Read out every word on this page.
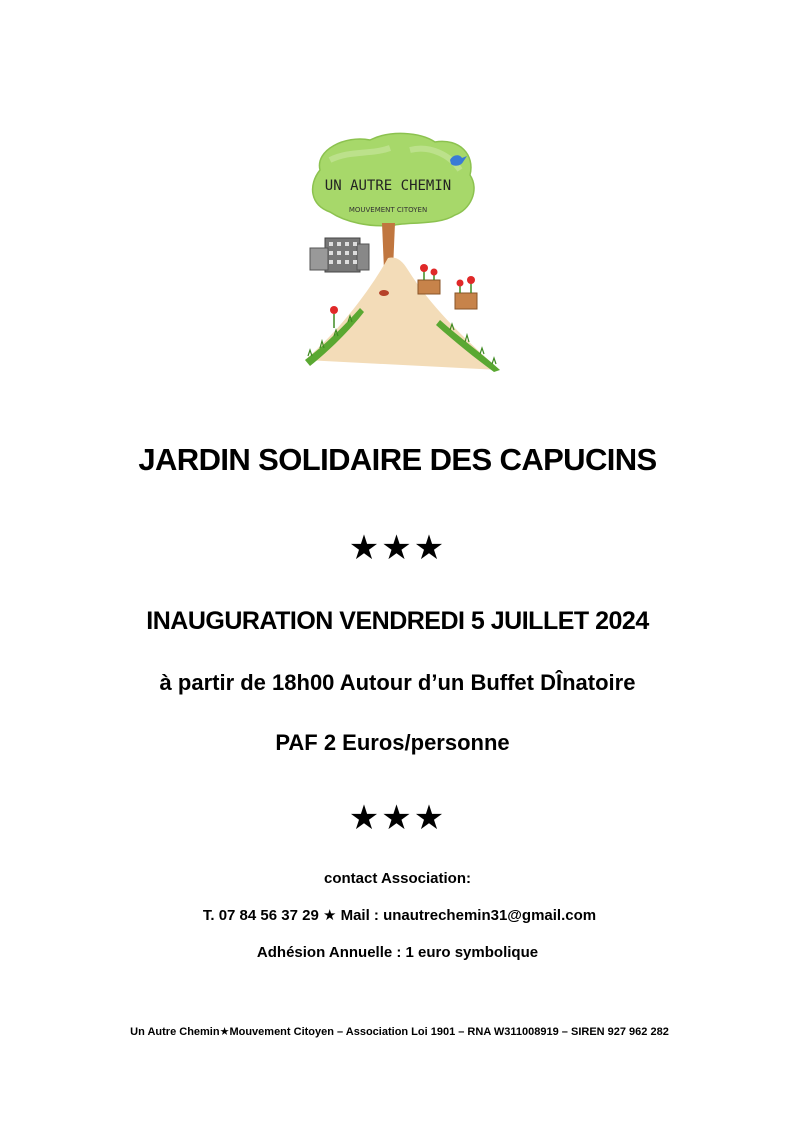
UN AUTRE CHEMIN
MOUVEMENT CITOYEN
JARDIN SOLIDAIRE DES CAPUCINS
★★★
INAUGURATION VENDREDI 5 JUILLET 2024
à partir de 18h00 Autour d’un Buffet DÎnatoire
PAF 2 Euros/personne
★★★
contact Association:
T. 07 84 56 37 29 ★ Mail : unautrechemin31@gmail.com
Adhésion Annuelle : 1 euro symbolique
Un Autre Chemin★Mouvement Citoyen – Association Loi 1901 – RNA W311008919 – SIREN 927 962 282
